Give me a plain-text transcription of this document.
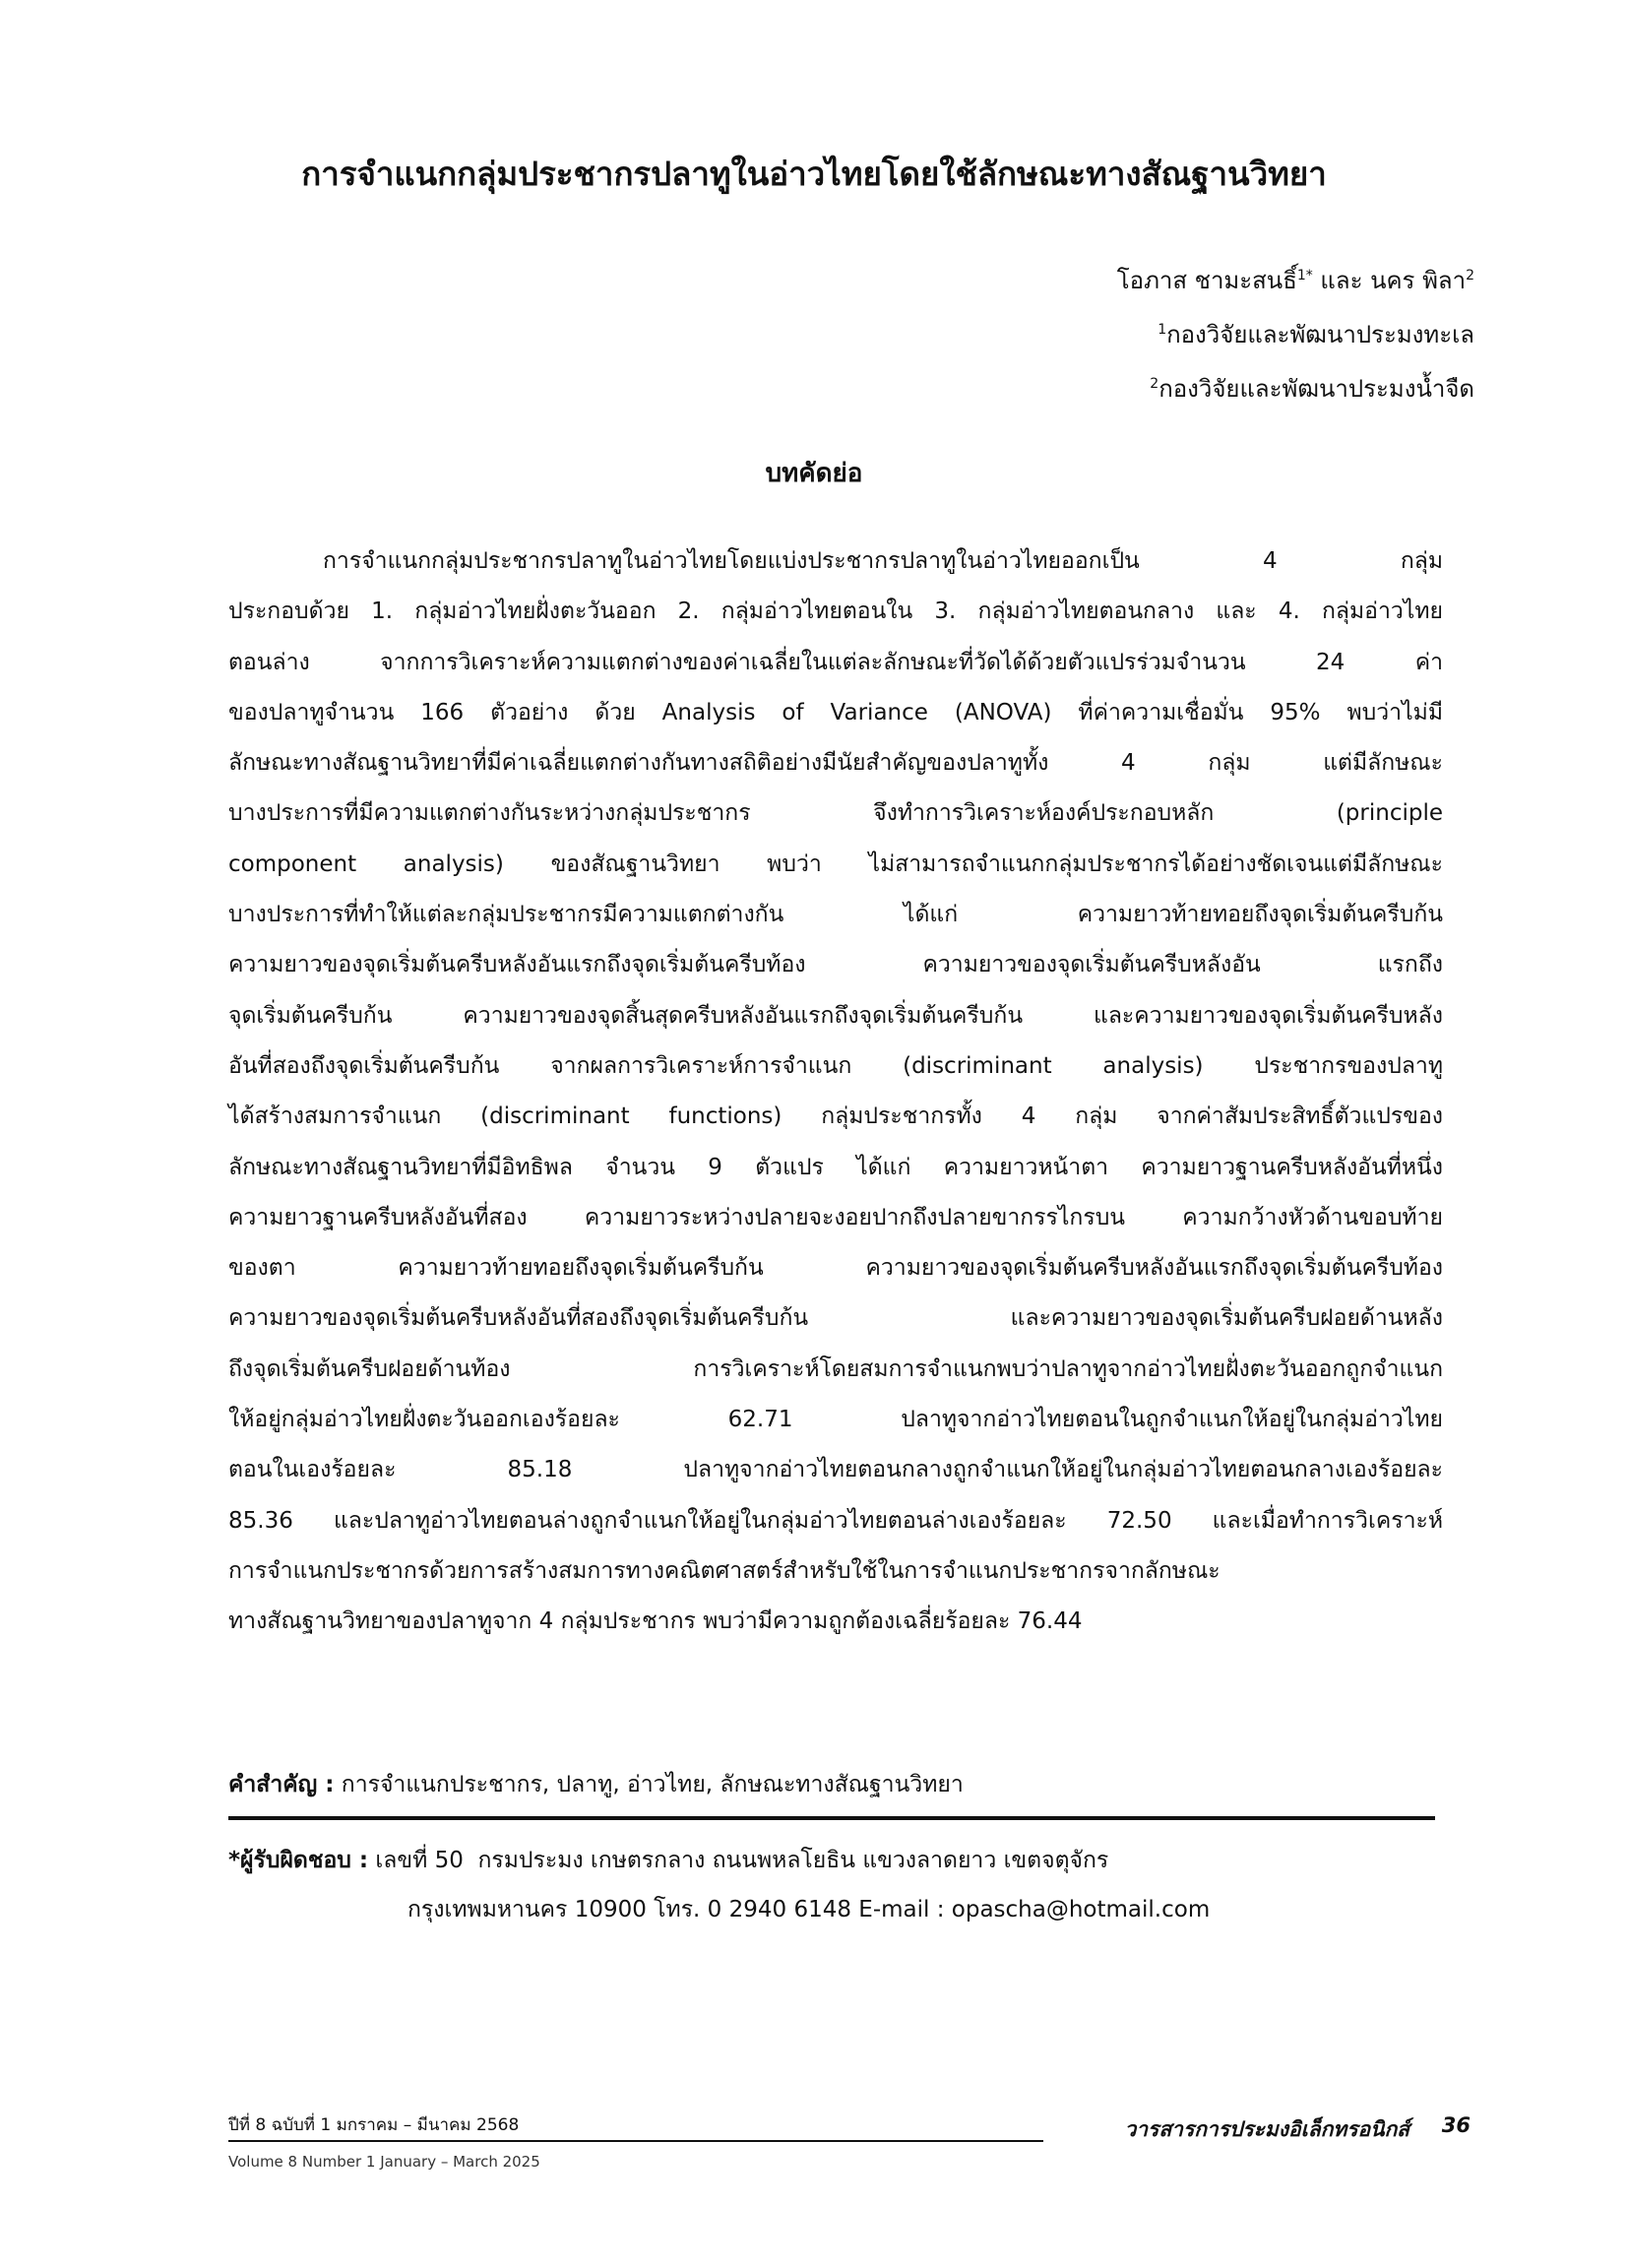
การจำแนกกลุ่มประชากรปลาทูในอ่าวไทยโดยใช้ลักษณะทางสัณฐานวิทยา
โอภาส ชามะสนธิ์$^{1*}$ และ นคร พิลา$^2$
$^1$กองวิจัยและพัฒนาประมงทะเล
$^2$กองวิจัยและพัฒนาประมงน้ำจืด
บทคัดย่อ
การจำแนกกลุ่มประชากรปลาทูในอ่าวไทยโดยแบ่งประชากรปลาทูในอ่าวไทยออกเป็น 4 กลุ่ม
ประกอบด้วย 1. กลุ่มอ่าวไทยฝั่งตะวันออก 2. กลุ่มอ่าวไทยตอนใน 3. กลุ่มอ่าวไทยตอนกลาง และ 4. กลุ่มอ่าวไทย
ตอนล่าง จากการวิเคราะห์ความแตกต่างของค่าเฉลี่ยในแต่ละลักษณะที่วัดได้ด้วยตัวแปรร่วมจำนวน 24 ค่า
ของปลาทูจำนวน 166 ตัวอย่าง ด้วย Analysis of Variance (ANOVA) ที่ค่าความเชื่อมั่น 95% พบว่าไม่มี
ลักษณะทางสัณฐานวิทยาที่มีค่าเฉลี่ยแตกต่างกันทางสถิติอย่างมีนัยสำคัญของปลาทูทั้ง 4 กลุ่ม แต่มีลักษณะ
บางประการที่มีความแตกต่างกันระหว่างกลุ่มประชากร จึงทำการวิเคราะห์องค์ประกอบหลัก (principle
component analysis) ของสัณฐานวิทยา พบว่า ไม่สามารถจำแนกกลุ่มประชากรได้อย่างชัดเจนแต่มีลักษณะ
บางประการที่ทำให้แต่ละกลุ่มประชากรมีความแตกต่างกัน ได้แก่ ความยาวท้ายทอยถึงจุดเริ่มต้นครีบก้น
ความยาวของจุดเริ่มต้นครีบหลังอันแรกถึงจุดเริ่มต้นครีบท้อง ความยาวของจุดเริ่มต้นครีบหลังอัน แรกถึง
จุดเริ่มต้นครีบก้น ความยาวของจุดสิ้นสุดครีบหลังอันแรกถึงจุดเริ่มต้นครีบก้น และความยาวของจุดเริ่มต้นครีบหลัง
อันที่สองถึงจุดเริ่มต้นครีบก้น จากผลการวิเคราะห์การจำแนก (discriminant analysis) ประชากรของปลาทู
ได้สร้างสมการจำแนก (discriminant functions) กลุ่มประชากรทั้ง 4 กลุ่ม จากค่าสัมประสิทธิ์ตัวแปรของ
ลักษณะทางสัณฐานวิทยาที่มีอิทธิพล จำนวน 9 ตัวแปร ได้แก่ ความยาวหน้าตา ความยาวฐานครีบหลังอันที่หนึ่ง
ความยาวฐานครีบหลังอันที่สอง ความยาวระหว่างปลายจะงอยปากถึงปลายขากรรไกรบน ความกว้างหัวด้านขอบท้าย
ของตา ความยาวท้ายทอยถึงจุดเริ่มต้นครีบก้น ความยาวของจุดเริ่มต้นครีบหลังอันแรกถึงจุดเริ่มต้นครีบท้อง
ความยาวของจุดเริ่มต้นครีบหลังอันที่สองถึงจุดเริ่มต้นครีบก้น และความยาวของจุดเริ่มต้นครีบฝอยด้านหลัง
ถึงจุดเริ่มต้นครีบฝอยด้านท้อง การวิเคราะห์โดยสมการจำแนกพบว่าปลาทูจากอ่าวไทยฝั่งตะวันออกถูกจำแนก
ให้อยู่กลุ่มอ่าวไทยฝั่งตะวันออกเองร้อยละ 62.71 ปลาทูจากอ่าวไทยตอนในถูกจำแนกให้อยู่ในกลุ่มอ่าวไทย
ตอนในเองร้อยละ 85.18 ปลาทูจากอ่าวไทยตอนกลางถูกจำแนกให้อยู่ในกลุ่มอ่าวไทยตอนกลางเองร้อยละ
85.36 และปลาทูอ่าวไทยตอนล่างถูกจำแนกให้อยู่ในกลุ่มอ่าวไทยตอนล่างเองร้อยละ 72.50 และเมื่อทำการวิเคราะห์
การจำแนกประชากรด้วยการสร้างสมการทางคณิตศาสตร์สำหรับใช้ในการจำแนกประชากรจากลักษณะ
ทางสัณฐานวิทยาของปลาทูจาก 4 กลุ่มประชากร พบว่ามีความถูกต้องเฉลี่ยร้อยละ 76.44
คำสำคัญ : การจำแนกประชากร, ปลาทู, อ่าวไทย, ลักษณะทางสัณฐานวิทยา
*ผู้รับผิดชอบ : เลขที่ 50  กรมประมง เกษตรกลาง ถนนพหลโยธิน แขวงลาดยาว เขตจตุจักร
กรุงเทพมหานคร 10900 โทร. 0 2940 6148 E-mail : opascha@hotmail.com
ปีที่ 8 ฉบับที่ 1 มกราคม – มีนาคม 2568	วารสารการประมงอิเล็กทรอนิกส์ 36
Volume 8 Number 1 January – March 2025
